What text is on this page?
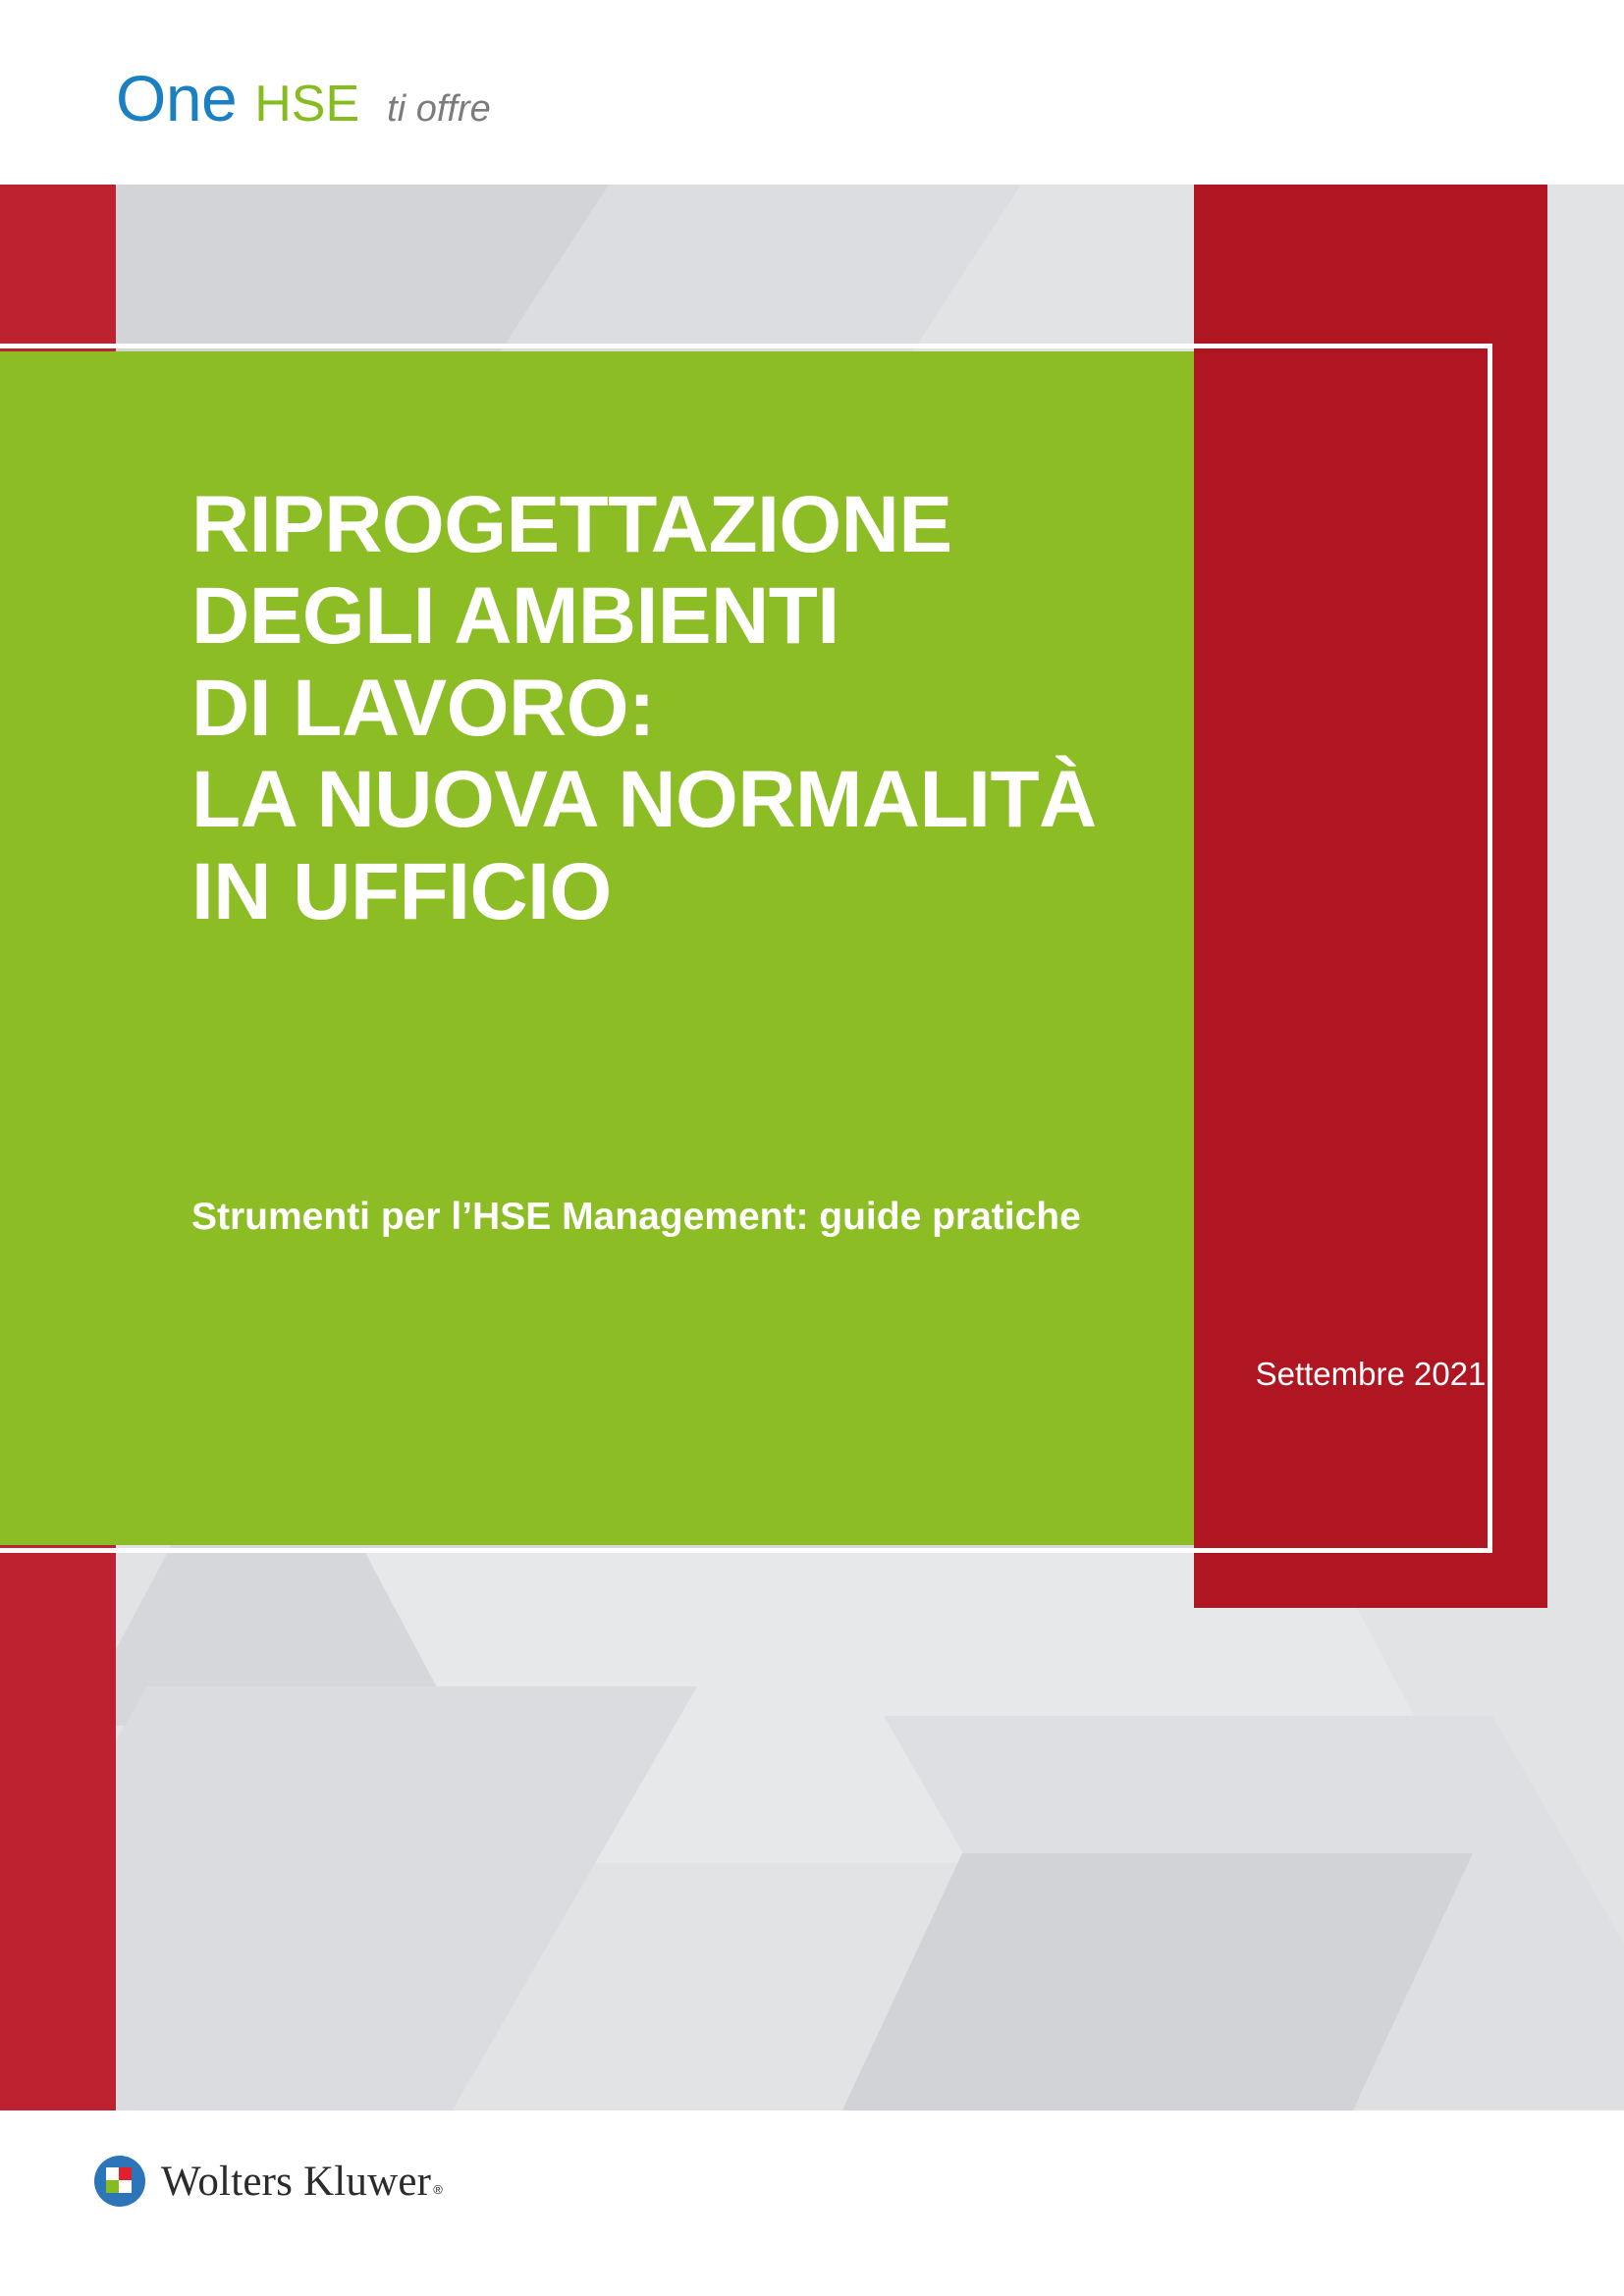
One HSE ti offre
RIPROGETTAZIONE
DEGLI AMBIENTI
DI LAVORO:
LA NUOVA NORMALITÀ
IN UFFICIO
Strumenti per l’HSE Management: guide pratiche
Settembre 2021
Wolters Kluwer ®
